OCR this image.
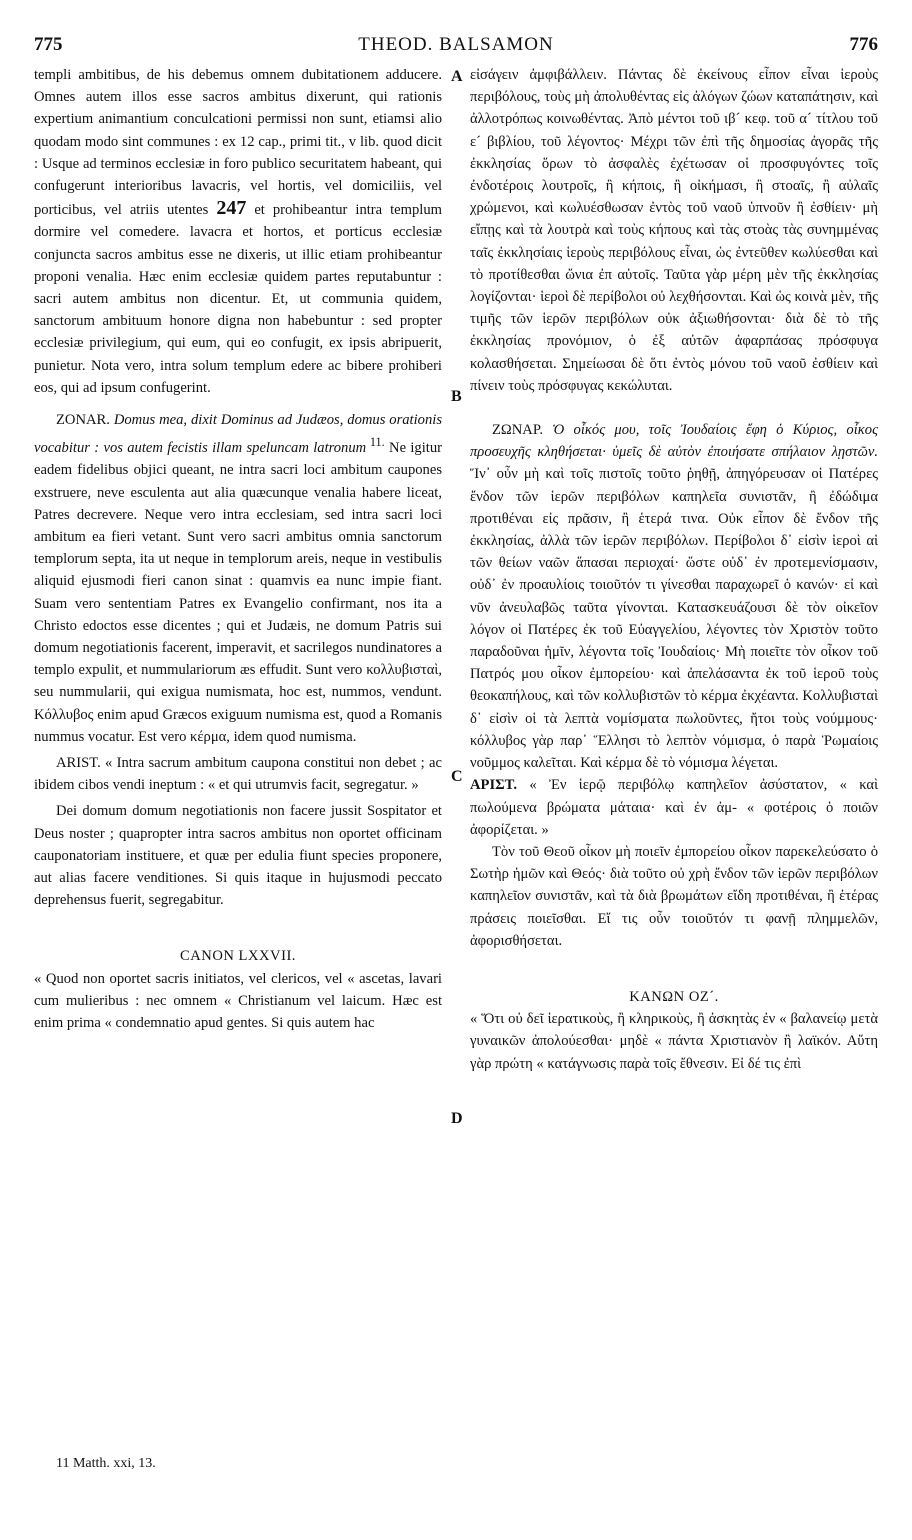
775	THEOD. BALSAMON	776
A
B
C
D

templi ambitibus, de his debemus omnem dubitationem adducere. Omnes autem illos esse sacros ambitus dixerunt, qui rationis expertium animantium conculcationi permissi non sunt, etiamsi alio quodam modo sint communes : ex 12 cap., primi tit., v lib. quod dicit : Usque ad terminos ecclesiæ in foro publico securitatem habeant, qui confugerunt interioribus lavacris, vel hortis, vel domiciliis, vel porticibus, vel atriis utentes 247 et prohibeantur intra templum dormire vel comedere. lavacra et hortos, et porticus ecclesiæ conjuncta sacros ambitus esse ne dixeris, ut illic etiam prohibeantur proponi venalia. Hæc enim ecclesiæ quidem partes reputabuntur : sacri autem ambitus non dicentur. Et, ut communia quidem, sanctorum ambituum honore digna non habebuntur : sed propter ecclesiæ privilegium, qui eum, qui eo confugit, ex ipsis abripuerit, punietur. Nota vero, intra solum templum edere ac bibere prohiberi eos, qui ad ipsum confugerint.

ZONAR. Domus mea, dixit Dominus ad Judæos, domus orationis vocabitur : vos autem fecistis illam speluncam latronum $^{11.}$ Ne igitur eadem fidelibus objici queant, ne intra sacri loci ambitum caupones exstruere, neve esculenta aut alia quæcunque venalia habere liceat, Patres decrevere. Neque vero intra ecclesiam, sed intra sacri loci ambitum ea fieri vetant. Sunt vero sacri ambitus omnia sanctorum templorum septa, ita ut neque in templorum areis, neque in vestibulis aliquid ejusmodi fieri canon sinat : quamvis ea nunc impie fiant. Suam vero sententiam Patres ex Evangelio confirmant, nos ita a Christo edoctos esse dicentes ; qui et Judæis, ne domum Patris sui domum negotiationis facerent, imperavit, et sacrilegos nundinatores a templo expulit, et nummulariorum æs effudit. Sunt vero κολλυβισταὶ, seu nummularii, qui exigua numismata, hoc est, nummos, vendunt. Κόλλυβος enim apud Græcos exiguum numisma est, quod a Romanis nummus vocatur. Est vero κέρμα, idem quod numisma.

ARIST. « Intra sacrum ambitum caupona constitui non debet ; ac ibidem cibos vendi ineptum : « et qui utrumvis facit, segregatur. »

Dei domum domum negotiationis non facere jussit Sospitator et Deus noster ; quapropter intra sacros ambitus non oportet officinam cauponatoriam instituere, et quæ per edulia fiunt species proponere, aut alias facere venditiones. Si quis itaque in hujusmodi peccato deprehensus fuerit, segregabitur.

CANON LXXVII.

« Quod non oportet sacris initiatos, vel clericos, vel « ascetas, lavari cum mulieribus : nec omnem « Christianum vel laicum. Hæc est enim prima « condemnatio apud gentes. Si quis autem hac

εἰσάγειν ἀμφιβάλλειν. Πάντας δὲ ἐκείνους εἶπον εἶναι ἱεροὺς περιβόλους, τοὺς μὴ ἀπολυθέντας εἰς ἀλόγων ζώων καταπάτησιν, καὶ ἀλλοτρόπως κοινωθέντας. Ἀπὸ μέντοι τοῦ ιβ´ κεφ. τοῦ α´ τίτλου τοῦ ε´ βιβλίου, τοῦ λέγοντος· Μέχρι τῶν ἐπὶ τῆς δημοσίας ἀγορᾶς τῆς ἐκκλησίας ὅρων τὸ ἀσφαλὲς ἐχέτωσαν οἱ προσφυγόντες τοῖς ἐνδοτέροις λουτροῖς, ἢ κήποις, ἢ οἰκήμασι, ἢ στοαῖς, ἢ αὐλαῖς χρώμενοι, καὶ κωλυέσθωσαν ἐντὸς τοῦ ναοῦ ὑπνοῦν ἢ ἐσθίειν· μὴ εἴπῃς καὶ τὰ λουτρὰ καὶ τοὺς κήπους καὶ τὰς στοὰς τὰς συνημμένας ταῖς ἐκκλησίαις ἱεροὺς περιβόλους εἶναι, ὡς ἐντεῦθεν κωλύεσθαι καὶ τὸ προτίθεσθαι ὤνια ἐπ αὐτοῖς. Ταῦτα γὰρ μέρη μὲν τῆς ἐκκλησίας λογίζονται· ἱεροὶ δὲ περίβολοι οὐ λεχθήσονται. Καὶ ὡς κοινὰ μὲν, τῆς τιμῆς τῶν ἱερῶν περιβόλων οὐκ ἀξιωθήσονται· διὰ δὲ τὸ τῆς ἐκκλησίας προνόμιον, ὁ ἐξ αὐτῶν ἀφαρπάσας πρόσφυγα κολασθήσεται. Σημείωσαι δὲ ὅτι ἐντὸς μόνου τοῦ ναοῦ ἐσθίειν καὶ πίνειν τοὺς πρόσφυγας κεκώλυται.

ΖΩΝΑΡ. Ὁ οἶκός μου, τοῖς Ἰουδαίοις ἔφη ὁ Κύριος, οἶκος προσευχῆς κληθήσεται· ὑμεῖς δὲ αὐτὸν ἐποιήσατε σπήλαιον λῃστῶν. Ἵν᾿ οὖν μὴ καὶ τοῖς πιστοῖς τοῦτο ῥηθῇ, ἀπηγόρευσαν οἱ Πατέρες ἔνδον τῶν ἱερῶν περιβόλων καπηλεῖα συνιστᾶν, ἢ ἐδώδιμα προτιθέναι εἰς πρᾶσιν, ἢ ἑτερά τινα. Οὐκ εἶπον δὲ ἔνδον τῆς ἐκκλησίας, ἀλλὰ τῶν ἱερῶν περιβόλων. Περίβολοι δ᾿ εἰσὶν ἱεροὶ αἱ τῶν θείων ναῶν ἅπασαι περιοχαί· ὥστε οὐδ᾿ ἐν προτεμενίσμασιν, οὐδ᾿ ἐν προαυλίοις τοιοῦτόν τι γίνεσθαι παραχωρεῖ ὁ κανών· εἰ καὶ νῦν ἀνευλαβῶς ταῦτα γίνονται. Κατασκευάζουσι δὲ τὸν οἰκεῖον λόγον οἱ Πατέρες ἐκ τοῦ Εὐαγγελίου, λέγοντες τὸν Χριστὸν τοῦτο παραδοῦναι ἡμῖν, λέγοντα τοῖς Ἰουδαίοις· Μὴ ποιεῖτε τὸν οἶκον τοῦ Πατρός μου οἶκον ἐμπορείου· καὶ ἀπελάσαντα ἐκ τοῦ ἱεροῦ τοὺς θεοκαπήλους, καὶ τῶν κολλυβιστῶν τὸ κέρμα ἐκχέαντα. Κολλυβισταὶ δ᾿ εἰσὶν οἱ τὰ λεπτὰ νομίσματα πωλοῦντες, ἤτοι τοὺς νούμμους· κόλλυβος γὰρ παρ᾿ Ἕλλησι τὸ λεπτὸν νόμισμα, ὁ παρὰ Ῥωμαίοις νοῦμμος καλεῖται. Καὶ κέρμα δὲ τὸ νόμισμα λέγεται.

ΑΡΙΣΤ. « Ἐν ἱερῷ περιβόλῳ καπηλεῖον ἀσύστατον, « καὶ πωλούμενα βρώματα μάταια· καὶ ἐν ἀμ- « φοτέροις ὁ ποιῶν ἀφορίζεται. »

Τὸν τοῦ Θεοῦ οἶκον μὴ ποιεῖν ἐμπορείου οἶκον παρεκελεύσατο ὁ Σωτὴρ ἡμῶν καὶ Θεός· διὰ τοῦτο οὐ χρὴ ἔνδον τῶν ἱερῶν περιβόλων καπηλεῖον συνιστᾶν, καὶ τὰ διὰ βρωμάτων εἴδη προτιθέναι, ἢ ἑτέρας πράσεις ποιεῖσθαι. Εἴ τις οὖν τοιοῦτόν τι φανῇ πλημμελῶν, ἀφορισθήσεται.

ΚΑΝΩΝ ΟΖ´.

« Ὅτι οὐ δεῖ ἱερατικοὺς, ἢ κληρικοὺς, ἢ ἀσκητὰς ἐν « βαλανείῳ μετὰ γυναικῶν ἀπολούεσθαι· μηδὲ « πάντα Χριστιανὸν ἢ λαϊκόν. Αὕτη γὰρ πρώτη « κατάγνωσις παρὰ τοῖς ἔθνεσιν. Εἰ δέ τις ἐπὶ

11 Matth. xxi, 13.
